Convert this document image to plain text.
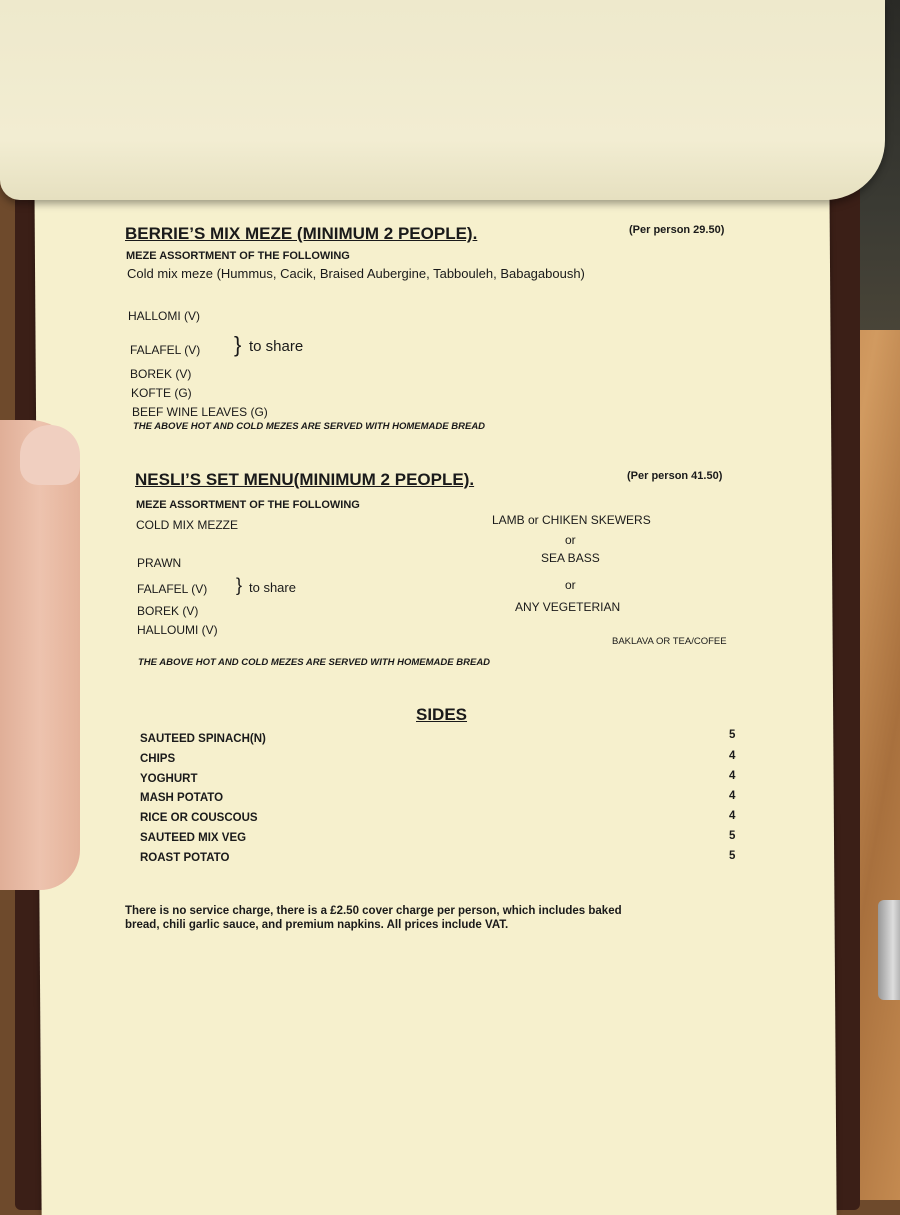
BERRIE’S MIX MEZE (MINIMUM 2 PEOPLE).	(Per person 29.50)
MEZE ASSORTMENT OF THE FOLLOWING
Cold mix meze (Hummus, Cacik, Braised Aubergine, Tabbouleh, Babagaboush)
HALLOMI (V)
FALAFEL (V) } to share
BOREK (V)
KOFTE (G)
BEEF WINE LEAVES (G)
THE ABOVE HOT AND COLD MEZES ARE SERVED WITH HOMEMADE BREAD
NESLI’S SET MENU(MINIMUM 2 PEOPLE).	(Per person 41.50)
MEZE ASSORTMENT OF THE FOLLOWING
COLD MIX MEZZE
PRAWN
FALAFEL (V) } to share
BOREK (V)
HALLOUMI (V)
LAMB or CHIKEN SKEWERS
or
SEA BASS
or
ANY VEGETERIAN
BAKLAVA OR TEA/COFEE
THE ABOVE HOT AND COLD MEZES ARE SERVED WITH HOMEMADE BREAD
SIDES
SAUTEED SPINACH(N)	5
CHIPS	4
YOGHURT	4
MASH POTATO	4
RICE OR COUSCOUS	4
SAUTEED MIX VEG	5
ROAST POTATO	5
There is no service charge, there is a £2.50 cover charge per person, which includes baked
bread, chili garlic sauce, and premium napkins. All prices include VAT.
